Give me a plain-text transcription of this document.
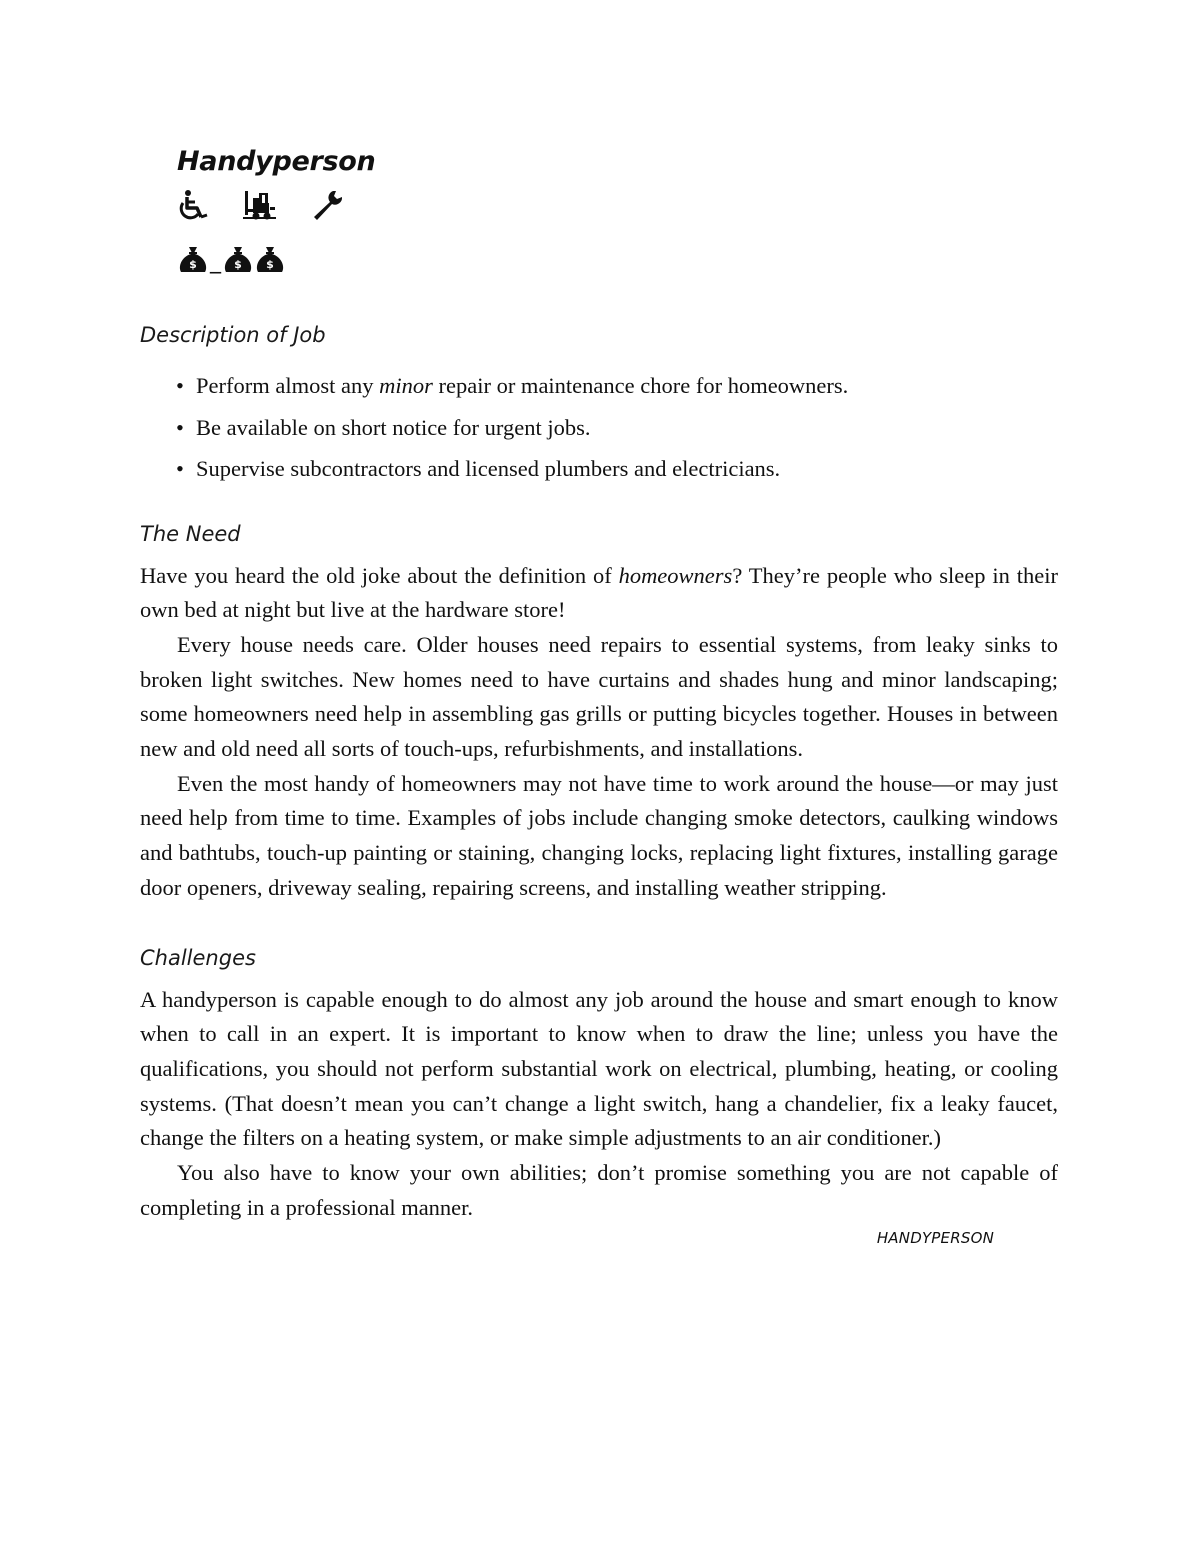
Handyperson
$ _ $ $
Description of Job
• Perform almost any minor repair or maintenance chore for homeowners.
• Be available on short notice for urgent jobs.
• Supervise subcontractors and licensed plumbers and electricians.
The Need

Have you heard the old joke about the definition of homeowners? They’re people who sleep in their own bed at night but live at the hardware store!

Every house needs care. Older houses need repairs to essential systems, from leaky sinks to broken light switches. New homes need to have curtains and shades hung and minor landscaping; some homeowners need help in assembling gas grills or putting bicycles together. Houses in between new and old need all sorts of touch-ups, refurbishments, and installations.

Even the most handy of homeowners may not have time to work around the house—or may just need help from time to time. Examples of jobs include changing smoke detectors, caulking windows and bathtubs, touch-up painting or staining, changing locks, replacing light fixtures, installing garage door openers, driveway sealing, repairing screens, and installing weather stripping.

Challenges

A handyperson is capable enough to do almost any job around the house and smart enough to know when to call in an expert. It is important to know when to draw the line; unless you have the qualifications, you should not perform substantial work on electrical, plumbing, heating, or cooling systems. (That doesn’t mean you can’t change a light switch, hang a chandelier, fix a leaky faucet, change the filters on a heating system, or make simple adjustments to an air conditioner.)

You also have to know your own abilities; don’t promise something you are not capable of completing in a professional manner.

HANDYPERSON
